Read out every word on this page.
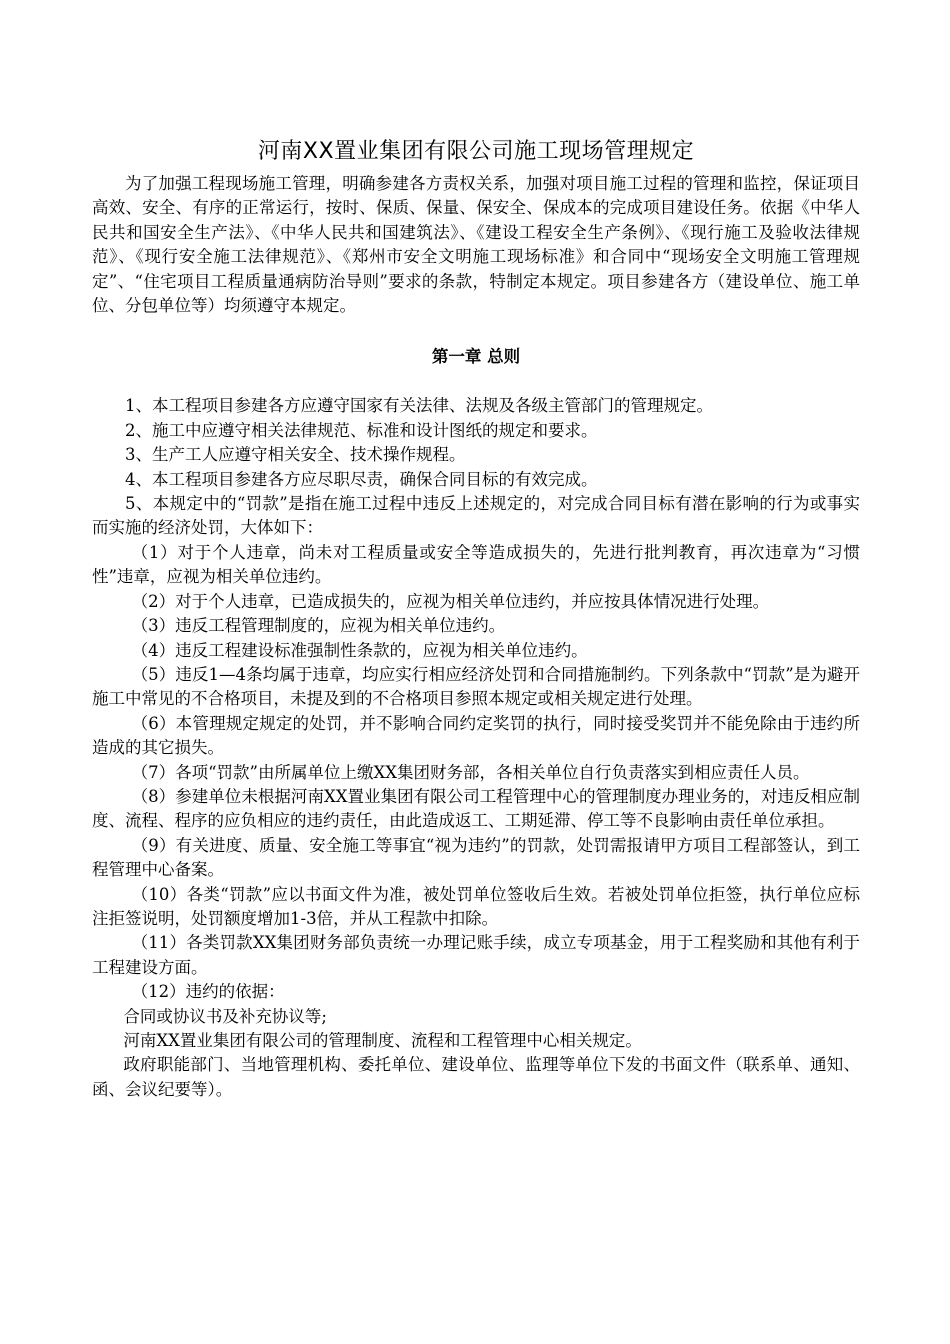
河南XX置业集团有限公司施工现场管理规定

为了加强工程现场施工管理，明确参建各方责权关系，加强对项目施工过程的管理和监控，保证项目高效、安全、有序的正常运行，按时、保质、保量、保安全、保成本的完成项目建设任务。依据《中华人民共和国安全生产法》、《中华人民共和国建筑法》、《建设工程安全生产条例》、《现行施工及验收法律规范》、《现行安全施工法律规范》、《郑州市安全文明施工现场标准》和合同中“现场安全文明施工管理规定”、“住宅项目工程质量通病防治导则”要求的条款，特制定本规定。项目参建各方（建设单位、施工单位、分包单位等）均须遵守本规定。

第一章 总则

1、本工程项目参建各方应遵守国家有关法律、法规及各级主管部门的管理规定。

2、施工中应遵守相关法律规范、标准和设计图纸的规定和要求。

3、生产工人应遵守相关安全、技术操作规程。

4、本工程项目参建各方应尽职尽责，确保合同目标的有效完成。

5、本规定中的“罚款”是指在施工过程中违反上述规定的，对完成合同目标有潜在影响的行为或事实而实施的经济处罚，大体如下：

（1）对于个人违章，尚未对工程质量或安全等造成损失的，先进行批判教育，再次违章为“习惯性”违章，应视为相关单位违约。

（2）对于个人违章，已造成损失的，应视为相关单位违约，并应按具体情况进行处理。

（3）违反工程管理制度的，应视为相关单位违约。

（4）违反工程建设标准强制性条款的，应视为相关单位违约。

（5）违反1—4条均属于违章，均应实行相应经济处罚和合同措施制约。下列条款中“罚款”是为避开施工中常见的不合格项目，未提及到的不合格项目参照本规定或相关规定进行处理。

（6）本管理规定规定的处罚，并不影响合同约定奖罚的执行，同时接受奖罚并不能免除由于违约所造成的其它损失。

（7）各项“罚款”由所属单位上缴XX集团财务部，各相关单位自行负责落实到相应责任人员。

（8）参建单位未根据河南XX置业集团有限公司工程管理中心的管理制度办理业务的，对违反相应制度、流程、程序的应负相应的违约责任，由此造成返工、工期延滞、停工等不良影响由责任单位承担。

（9）有关进度、质量、安全施工等事宜“视为违约”的罚款，处罚需报请甲方项目工程部签认，到工程管理中心备案。

（10）各类“罚款”应以书面文件为准，被处罚单位签收后生效。若被处罚单位拒签，执行单位应标注拒签说明，处罚额度增加1-3倍，并从工程款中扣除。

（11）各类罚款XX集团财务部负责统一办理记账手续，成立专项基金，用于工程奖励和其他有利于工程建设方面。

（12）违约的依据：

合同或协议书及补充协议等;

河南XX置业集团有限公司的管理制度、流程和工程管理中心相关规定。

政府职能部门、当地管理机构、委托单位、建设单位、监理等单位下发的书面文件（联系单、通知、函、会议纪要等）。
